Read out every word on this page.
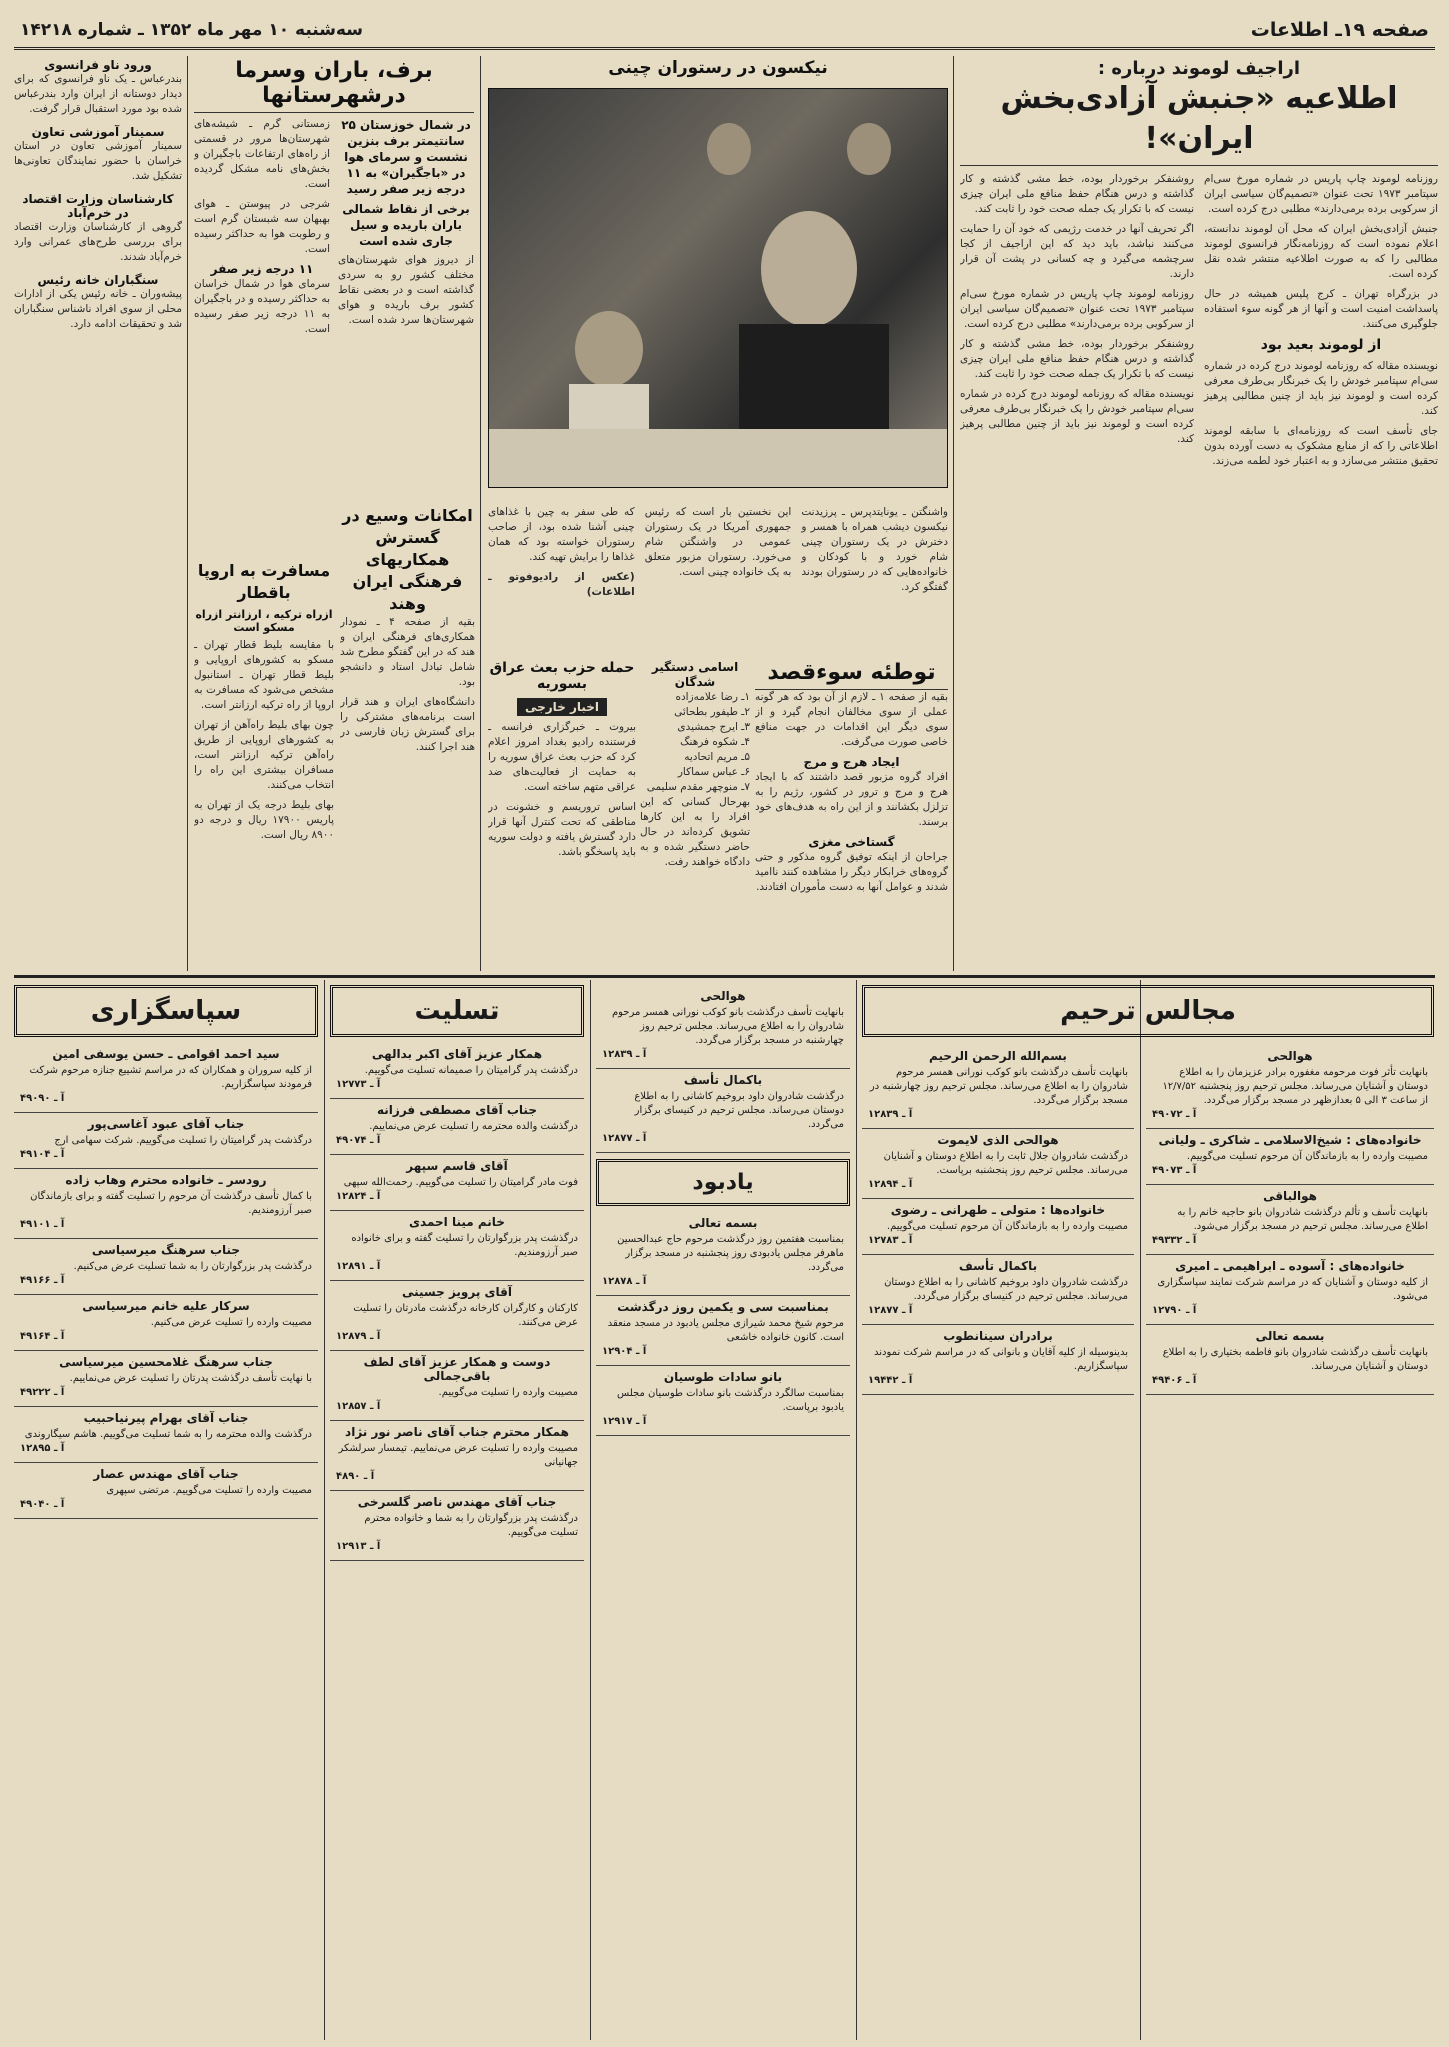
صفحه ۱۹ـ اطلاعات
سه‌شنبه ۱۰ مهر ماه ۱۳۵۲ ـ شماره ۱۴۲۱۸
اراجیف لوموند درباره :
اطلاعیه «جنبش آزادی‌بخش ایران»!

روزنامه لوموند چاپ پاریس در شماره مورخ سی‌ام سپتامبر ۱۹۷۳ تحت عنوان «تصمیم‌گان سیاسی ایران از سرکوبی برده برمی‌دارند» مطلبی درج کرده است.

جنبش آزادی‌بخش ایران که محل آن لوموند ندانسته، اعلام نموده است که روزنامه‌نگار فرانسوی لوموند مطالبی را که به صورت اطلاعیه منتشر شده نقل کرده است.

در بزرگراه تهران ـ کرج پلیس همیشه در حال پاسداشت امنیت است و آنها از هر گونه سوء استفاده جلوگیری می‌کنند.

از لوموند بعید بود

نویسنده مقاله که روزنامه لوموند درج کرده در شماره سی‌ام سپتامبر خودش را یک خبرنگار بی‌طرف معرفی کرده است و لوموند نیز باید از چنین مطالبی پرهیز کند.

جای تأسف است که روزنامه‌ای با سابقه لوموند اطلاعاتی را که از منابع مشکوک به دست آورده بدون تحقیق منتشر می‌سازد و به اعتبار خود لطمه می‌زند.

روشنفکر برخوردار بوده، خط مشی گذشته و کار گذاشته و درس هنگام حفظ منافع ملی ایران چیزی نیست که با تکرار یک جمله صحت خود را ثابت کند.

اگر تحریف آنها در خدمت رژیمی که خود آن را حمایت می‌کنند نباشد، باید دید که این اراجیف از کجا سرچشمه می‌گیرد و چه کسانی در پشت آن قرار دارند.

روزنامه لوموند چاپ پاریس در شماره مورخ سی‌ام سپتامبر ۱۹۷۳ تحت عنوان «تصمیم‌گان سیاسی ایران از سرکوبی برده برمی‌دارند» مطلبی درج کرده است.

روشنفکر برخوردار بوده، خط مشی گذشته و کار گذاشته و درس هنگام حفظ منافع ملی ایران چیزی نیست که با تکرار یک جمله صحت خود را ثابت کند.

نویسنده مقاله که روزنامه لوموند درج کرده در شماره سی‌ام سپتامبر خودش را یک خبرنگار بی‌طرف معرفی کرده است و لوموند نیز باید از چنین مطالبی پرهیز کند.

نیکسون در رستوران چینی

واشنگتن ـ یونایتدپرس ـ پرزیدنت نیکسون دیشب همراه با همسر و دخترش در یک رستوران چینی شام خورد و با کودکان و خانواده‌هایی که در رستوران بودند گفتگو کرد.

این نخستین بار است که رئیس جمهوری آمریکا در یک رستوران عمومی در واشنگتن شام می‌خورد. رستوران مزبور متعلق به یک خانواده چینی است.

که طی سفر به چین با غذاهای چینی آشنا شده بود، از صاحب رستوران خواسته بود که همان غذاها را برایش تهیه کند.

(عکس از رادیوفوتو ـ اطلاعات)

توطئه سوءقصد

بقیه از صفحه ۱ ـ لازم از آن بود که هر گونه عملی از سوی مخالفان انجام گیرد و از سوی دیگر این اقدامات در جهت منافع خاصی صورت می‌گرفت.

ایجاد هرج و مرج

افراد گروه مزبور قصد داشتند که با ایجاد هرج و مرج و ترور در کشور، رژیم را به تزلزل بکشانند و از این راه به هدف‌های خود برسند.

گستاخی مغزی

جراحان از اینکه توفیق گروه مذکور و حتی گروه‌های خرابکار دیگر را مشاهده کنند ناامید شدند و عوامل آنها به دست مأموران افتادند.

اسامی دستگیر شدگان
۱ـ رضا علامه‌زاده
۲ـ طیفور بطحائی
۳ـ ایرج جمشیدی
۴ـ شکوه فرهنگ
۵ـ مریم اتحادیه
۶ـ عباس سماکار
۷ـ منوچهر مقدم سلیمی

بهرحال کسانی که این افراد را به این کارها تشویق کرده‌اند در حال حاضر دستگیر شده و به دادگاه خواهند رفت.

حمله حزب بعث عراق بسوریه
اخبار خارجی

بیروت ـ خبرگزاری فرانسه ـ فرستنده رادیو بغداد امروز اعلام کرد که حزب بعث عراق سوریه را به حمایت از فعالیت‌های ضد عراقی متهم ساخته است.

اساس تروریسم و خشونت در مناطقی که تحت کنترل آنها قرار دارد گسترش یافته و دولت سوریه باید پاسخگو باشد.

برف، باران وسرما درشهرستانها
در شمال خوزستان ۲۵ سانتیمتر برف بنزین نشست و سرمای هوا در «باجگیران» به ۱۱ درجه زیر صفر رسید
برخی از نقاط شمالی باران باریده و سیل جاری شده است

از دیروز هوای شهرستان‌های مختلف کشور رو به سردی گذاشته است و در بعضی نقاط کشور برف باریده و هوای شهرستان‌ها سرد شده است.

زمستانی گرم ـ شیشه‌های شهرستان‌ها مرور در قسمتی از راه‌های ارتفاعات باجگیران و بخش‌های نامه مشکل گردیده است.

شرجی در پیوستن ـ هوای بهبهان سه شبستان گرم است و رطوبت هوا به حداکثر رسیده است.

۱۱ درجه زیر صفر

سرمای هوا در شمال خراسان به حداکثر رسیده و در باجگیران به ۱۱ درجه زیر صفر رسیده است.

امکانات وسیع در گسترش همکاریهای فرهنگی ایران وهند

بقیه از صفحه ۴ ـ نمودار همکاری‌های فرهنگی ایران و هند که در این گفتگو مطرح شد شامل تبادل استاد و دانشجو بود.

دانشگاه‌های ایران و هند قرار است برنامه‌های مشترکی را برای گسترش زبان فارسی در هند اجرا کنند.

مسافرت به اروپا باقطار
ازراه ترکیه ، ارزانتر ازراه مسکو است

با مقایسه بلیط قطار تهران ـ مسکو به کشورهای اروپایی و بلیط قطار تهران ـ استانبول مشخص می‌شود که مسافرت به اروپا از راه ترکیه ارزانتر است.

چون بهای بلیط راه‌آهن از تهران به کشورهای اروپایی از طریق راه‌آهن ترکیه ارزانتر است، مسافران بیشتری این راه را انتخاب می‌کنند.

بهای بلیط درجه یک از تهران به پاریس ۱۷۹۰۰ ریال و درجه دو ۸۹۰۰ ریال است.

ورود ناو فرانسوی
بندرعباس ـ یک ناو فرانسوی که برای دیدار دوستانه از ایران وارد بندرعباس شده بود مورد استقبال قرار گرفت.
سمینار آموزشی تعاون
سمینار آموزشی تعاون در استان خراسان با حضور نمایندگان تعاونی‌ها تشکیل شد.
کارشناسان وزارت اقتصاد در خرم‌آباد
گروهی از کارشناسان وزارت اقتصاد برای بررسی طرح‌های عمرانی وارد خرم‌آباد شدند.
سنگباران خانه رئیس
پیشه‌وران ـ خانه رئیس یکی از ادارات محلی از سوی افراد ناشناس سنگباران شد و تحقیقات ادامه دارد.
مجالس ترحیم
هوالحی
بانهایت تأثر فوت مرحومه مغفوره برادر عزیزمان را به اطلاع دوستان و آشنایان می‌رساند. مجلس ترحیم روز پنجشنبه ۱۲/۷/۵۲ از ساعت ۳ الی ۵ بعدازظهر در مسجد برگزار می‌گردد.
آ ـ ۴۹۰۷۲
خانواده‌های : شیخ‌الاسلامی ـ شاکری ـ ولیانی
مصیبت وارده را به بازماندگان آن مرحوم تسلیت می‌گوییم.
آ ـ ۴۹۰۷۳
هوالباقی
بانهایت تأسف و تألم درگذشت شادروان بانو حاجیه خانم را به اطلاع می‌رساند. مجلس ترحیم در مسجد برگزار می‌شود.
آ ـ ۴۹۳۳۲
خانواده‌های : آسوده ـ ابراهیمی ـ امیری
از کلیه دوستان و آشنایان که در مراسم شرکت نمایند سپاسگزاری می‌شود.
آ ـ ۱۲۷۹۰
بسمه تعالی
بانهایت تأسف درگذشت شادروان بانو فاطمه بختیاری را به اطلاع دوستان و آشنایان می‌رساند.
آ ـ ۴۹۴۰۶
بسم‌الله الرحمن الرحیم
بانهایت تأسف درگذشت بانو کوکب نورانی همسر مرحوم شادروان را به اطلاع می‌رساند. مجلس ترحیم روز چهارشنبه در مسجد برگزار می‌گردد.
آ ـ ۱۲۸۳۹
هوالحی الذی لایموت
درگذشت شادروان جلال ثابت را به اطلاع دوستان و آشنایان می‌رساند. مجلس ترحیم روز پنجشنبه برپاست.
آ ـ ۱۲۸۹۴
خانواده‌ها : متولی ـ طهرانی ـ رضوی
مصیبت وارده را به بازماندگان آن مرحوم تسلیت می‌گوییم.
آ ـ ۱۲۷۸۳
باکمال تأسف
درگذشت شادروان داود بروخیم کاشانی را به اطلاع دوستان می‌رساند. مجلس ترحیم در کنیسای برگزار می‌گردد.
آ ـ ۱۲۸۷۷
برادران سینانطوب
بدینوسیله از کلیه آقایان و بانوانی که در مراسم شرکت نمودند سپاسگزاریم.
آ ـ ۱۹۴۴۲
هوالحی
بانهایت تأسف درگذشت بانو کوکب نورانی همسر مرحوم شادروان را به اطلاع می‌رساند. مجلس ترحیم روز چهارشنبه در مسجد برگزار می‌گردد.
آ ـ ۱۲۸۳۹
باکمال تأسف
درگذشت شادروان داود بروخیم کاشانی را به اطلاع دوستان می‌رساند. مجلس ترحیم در کنیسای برگزار می‌گردد.
آ ـ ۱۲۸۷۷
یادبود
بسمه تعالی
بمناسبت هفتمین روز درگذشت مرحوم حاج عبدالحسین ماهرفر مجلس یادبودی روز پنجشنبه در مسجد برگزار می‌گردد.
آ ـ ۱۲۸۷۸
بمناسبت سی و یکمین روز درگذشت
مرحوم شیخ محمد شیرازی مجلس یادبود در مسجد منعقد است. کانون خانواده خاشعی
آ ـ ۱۲۹۰۴
بانو سادات طوسیان
بمناسبت سالگرد درگذشت بانو سادات طوسیان مجلس یادبود برپاست.
آ ـ ۱۲۹۱۷
تسلیت
همکار عزیز آقای اکبر بدالهی
درگذشت پدر گرامیتان را صمیمانه تسلیت می‌گوییم.
آ ـ ۱۲۷۷۳
جناب آقای مصطفی فرزانه
درگذشت والده محترمه را تسلیت عرض می‌نماییم.
آ ـ ۴۹۰۷۴
آقای قاسم سپهر
فوت مادر گرامیتان را تسلیت می‌گوییم. رحمت‌الله سپهی
آ ـ ۱۲۸۲۴
خانم مینا احمدی
درگذشت پدر بزرگوارتان را تسلیت گفته و برای خانواده صبر آرزومندیم.
آ ـ ۱۲۸۹۱
آقای پرویز جسینی
کارکنان و کارگران کارخانه درگذشت مادرتان را تسلیت عرض می‌کنند.
آ ـ ۱۲۸۷۹
دوست و همکار عزیز آقای لطف باقی‌جمالی
مصیبت وارده را تسلیت می‌گوییم.
آ ـ ۱۲۸۵۷
همکار محترم جناب آقای ناصر نور نژاد
مصیبت وارده را تسلیت عرض می‌نماییم. تیمسار سرلشکر جهانیانی
آ ـ ۴۸۹۰
جناب آقای مهندس ناصر گلسرخی
درگذشت پدر بزرگوارتان را به شما و خانواده محترم تسلیت می‌گوییم.
آ ـ ۱۲۹۱۳
سپاسگزاری
سید احمد اقوامی ـ حسن یوسفی امین
از کلیه سروران و همکاران که در مراسم تشییع جنازه مرحوم شرکت فرمودند سپاسگزاریم.
آ ـ ۴۹۰۹۰
جناب آقای عبود آغاسی‌پور
درگذشت پدر گرامیتان را تسلیت می‌گوییم. شرکت سهامی ارج
آ ـ ۴۹۱۰۴
رودسر ـ خانواده محترم وهاب زاده
با کمال تأسف درگذشت آن مرحوم را تسلیت گفته و برای بازماندگان صبر آرزومندیم.
آ ـ ۴۹۱۰۱
جناب سرهنگ میرسیاسی
درگذشت پدر بزرگوارتان را به شما تسلیت عرض می‌کنیم.
آ ـ ۴۹۱۶۶
سرکار علیه خانم میرسیاسی
مصیبت وارده را تسلیت عرض می‌کنیم.
آ ـ ۴۹۱۶۴
جناب سرهنگ غلامحسین میرسیاسی
با نهایت تأسف درگذشت پدرتان را تسلیت عرض می‌نماییم.
آ ـ ۴۹۲۲۲
جناب آقای بهرام پیرنیاحبیب
درگذشت والده محترمه را به شما تسلیت می‌گوییم. هاشم سیگاروندی
آ ـ ۱۲۸۹۵
جناب آقای مهندس عصار
مصیبت وارده را تسلیت می‌گوییم. مرتضی سپهری
آ ـ ۴۹۰۴۰
